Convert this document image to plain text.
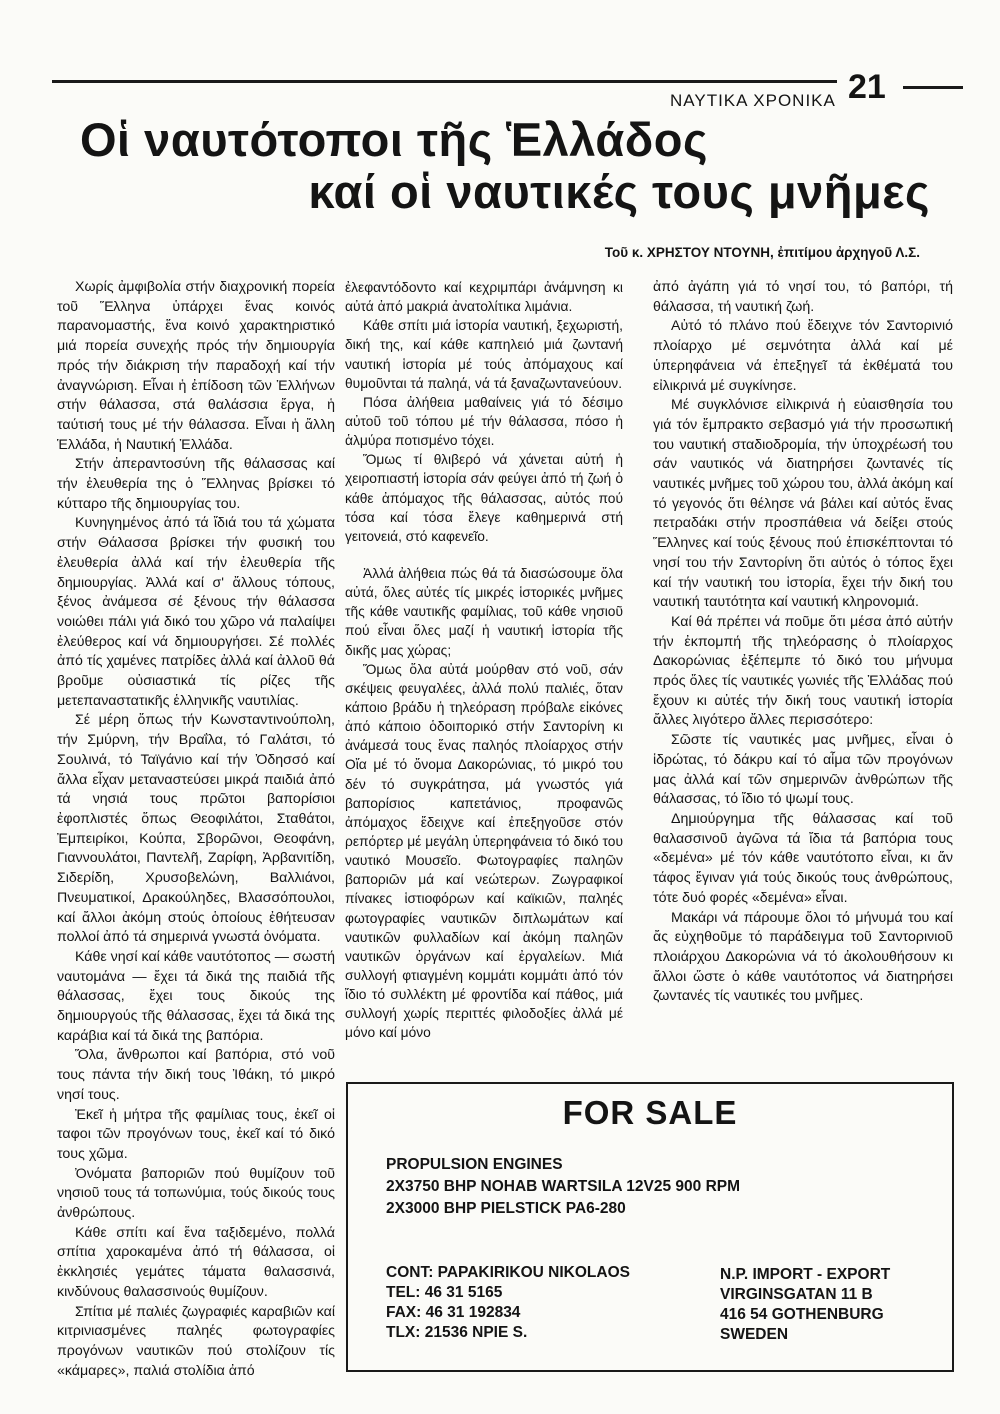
ΝΑΥΤΙΚΑ ΧΡΟΝΙΚΑ 21
Οἱ ναυτότοποι τῆς Ἑλλάδος
καί οἱ ναυτικές τους μνῆμες
Τοῦ κ. ΧΡΗΣΤΟΥ ΝΤΟΥΝΗ, ἐπιτίμου ἀρχηγοῦ Λ.Σ.

Χωρίς ἀμφιβολία στήν διαχρονική πορεία τοῦ Ἕλληνα ὑπάρχει ἕνας κοινός παρανομαστής, ἕνα κοινό χαρακτηριστικό μιά πορεία συνεχής πρός τήν δημιουργία πρός τήν διάκριση τήν παραδοχή καί τήν ἀναγνώριση. Εἶναι ἡ ἐπίδοση τῶν Ἑλλήνων στήν θάλασσα, στά θαλάσσια ἔργα, ἡ ταύτισή τους μέ τήν θάλασσα. Εἶναι ἡ ἄλλη Ἑλλάδα, ἡ Ναυτική Ἑλλάδα.

Στήν ἀπεραντοσύνη τῆς θάλασσας καί τήν ἐλευθερία της ὁ Ἕλληνας βρίσκει τό κύτταρο τῆς δημιουργίας του.

Κυνηγημένος ἀπό τά ἴδιά του τά χώματα στήν Θάλασσα βρίσκει τήν φυσική του ἐλευθερία ἀλλά καί τήν ἐλευθερία τῆς δημιουργίας. Ἀλλά καί σ' ἄλλους τόπους, ξένος ἀνάμεσα σέ ξένους τήν θάλασσα νοιώθει πάλι γιά δικό του χῶρο νά παλαίψει ἐλεύθερος καί νά δημιουργήσει. Σέ πολλές ἀπό τίς χαμένες πατρίδες ἀλλά καί ἀλλοῦ θά βροῦμε οὐσιαστικά τίς ρίζες τῆς μετεπαναστατικῆς ἑλληνικῆς ναυτιλίας.

Σέ μέρη ὅπως τήν Κωνσταντινούπολη, τήν Σμύρνη, τήν Βραΐλα, τό Γαλάτσι, τό Σουλινά, τό Ταϊγάνιο καί τήν Ὀδησσό καί ἄλλα εἶχαν μεταναστεύσει μικρά παιδιά ἀπό τά νησιά τους πρῶτοι βαπορίσιοι ἐφοπλιστές ὅπως Θεοφιλάτοι, Σταθάτοι, Ἐμπειρίκοι, Κούπα, Σβορῶνοι, Θεοφάνη, Γιαννουλάτοι, Παντελῆ, Ζαρίφη, Ἀρβανιτίδη, Σιδερίδη, Χρυσοβελώνη, Βαλλιάνοι, Πνευματικοί, Δρακούληδες, Βλασσόπουλοι, καί ἄλλοι ἀκόμη στούς ὁποίους ἐθήτευσαν πολλοί ἀπό τά σημερινά γνωστά ὀνόματα.

Κάθε νησί καί κάθε ναυτότοπος — σωστή ναυτομάνα — ἔχει τά δικά της παιδιά τῆς θάλασσας, ἔχει τους δικούς της δημιουργούς τῆς θάλασσας, ἔχει τά δικά της καράβια καί τά δικά της βαπόρια.

Ὅλα, ἄνθρωποι καί βαπόρια, στό νοῦ τους πάντα τήν δική τους Ἰθάκη, τό μικρό νησί τους.

Ἐκεῖ ἡ μήτρα τῆς φαμίλιας τους, ἐκεῖ οἱ ταφοι τῶν προγόνων τους, ἐκεῖ καί τό δικό τους χῶμα.

Ὀνόματα βαποριῶν πού θυμίζουν τοῦ νησιοῦ τους τά τοπωνύμια, τούς δικούς τους ἀνθρώπους.

Κάθε σπίτι καί ἕνα ταξιδεμένο, πολλά σπίτια χαροκαμένα ἀπό τή θάλασσα, οἱ ἐκκλησιές γεμάτες τάματα θαλασσινά, κινδύνους θαλασσινούς θυμίζουν.

Σπίτια μέ παλιές ζωγραφιές καραβιῶν καί κιτρινιασμένες παληές φωτογραφίες προγόνων ναυτικῶν πού στολίζουν τίς «κάμαρες», παλιά στολίδια ἀπό

ἐλεφαντόδοντο καί κεχριμπάρι ἀνάμνηση κι αὐτά ἀπό μακριά ἀνατολίτικα λιμάνια.

Κάθε σπίτι μιά ἱστορία ναυτική, ξεχωριστή, δική της, καί κάθε καπηλειό μιά ζωντανή ναυτική ἱστορία μέ τούς ἀπόμαχους καί θυμοῦνται τά παληά, νά τά ξαναζωντανεύουν.

Πόσα ἀλήθεια μαθαίνεις γιά τό δέσιμο αὐτοῦ τοῦ τόπου μέ τήν θάλασσα, πόσο ἡ ἁλμύρα ποτισμένο τόχει.

Ὅμως τί θλιβερό νά χάνεται αὐτή ἡ χειροπιαστή ἱστορία σάν φεύγει ἀπό τή ζωή ὁ κάθε ἀπόμαχος τῆς θάλασσας, αὐτός πού τόσα καί τόσα ἔλεγε καθημερινά στή γειτονειά, στό καφενεῖο.

Ἀλλά ἀλήθεια πώς θά τά διασώσουμε ὅλα αὐτά, ὅλες αὐτές τίς μικρές ἱστορικές μνῆμες τῆς κάθε ναυτικῆς φαμίλιας, τοῦ κάθε νησιοῦ πού εἶναι ὅλες μαζί ἡ ναυτική ἱστορία τῆς δικῆς μας χώρας;

Ὅμως ὅλα αὐτά μούρθαν στό νοῦ, σάν σκέψεις φευγαλέες, ἀλλά πολύ παλιές, ὅταν κάποιο βράδυ ἡ τηλεόραση πρόβαλε εἰκόνες ἀπό κάποιο ὁδοιπορικό στήν Σαντορίνη κι ἀνάμεσά τους ἕνας παληός πλοίαρχος στήν Οἴα μέ τό ὄνομα Δακορώνιας, τό μικρό του δέν τό συγκράτησα, μά γνωστός γιά βαπορίσιος καπετάνιος, προφανῶς ἀπόμαχος ἔδειχνε καί ἐπεξηγοῦσε στόν ρεπόρτερ μέ μεγάλη ὑπερηφάνεια τό δικό του ναυτικό Μουσεῖο. Φωτογραφίες παληῶν βαποριῶν μά καί νεώτερων. Ζωγραφικοί πίνακες ἱστιοφόρων καί καϊκιῶν, παληές φωτογραφίες ναυτικῶν διπλωμάτων καί ναυτικῶν φυλλαδίων καί ἀκόμη παληῶν ναυτικῶν ὀργάνων καί ἐργαλείων. Μιά συλλογή φτιαγμένη κομμάτι κομμάτι ἀπό τόν ἴδιο τό συλλέκτη μέ φροντίδα καί πάθος, μιά συλλογή χωρίς περιττές φιλοδοξίες ἀλλά μέ μόνο καί μόνο

ἀπό ἀγάπη γιά τό νησί του, τό βαπόρι, τή θάλασσα, τή ναυτική ζωή.

Αὐτό τό πλάνο πού ἔδειχνε τόν Σαντορινιό πλοίαρχο μέ σεμνότητα ἀλλά καί μέ ὑπερηφάνεια νά ἐπεξηγεῖ τά ἐκθέματά του εἰλικρινά μέ συγκίνησε.

Μέ συγκλόνισε εἰλικρινά ἡ εὐαισθησία του γιά τόν ἔμπρακτο σεβασμό γιά τήν προσωπική του ναυτική σταδιοδρομία, τήν ὑποχρέωσή του σάν ναυτικός νά διατηρήσει ζωντανές τίς ναυτικές μνῆμες τοῦ χώρου του, ἀλλά ἀκόμη καί τό γεγονός ὅτι θέλησε νά βάλει καί αὐτός ἕνας πετραδάκι στήν προσπάθεια νά δείξει στούς Ἕλληνες καί τούς ξένους πού ἐπισκέπτονται τό νησί του τήν Σαντορίνη ὅτι αὐτός ὁ τόπος ἔχει καί τήν ναυτική του ἱστορία, ἔχει τήν δική του ναυτική ταυτότητα καί ναυτική κληρονομιά.

Καί θά πρέπει νά ποῦμε ὅτι μέσα ἀπό αὐτήν τήν ἐκπομπή τῆς τηλεόρασης ὁ πλοίαρχος Δακορώνιας ἐξέπεμπε τό δικό του μήνυμα πρός ὅλες τίς ναυτικές γωνιές τῆς Ἑλλάδας πού ἔχουν κι αὐτές τήν δική τους ναυτική ἱστορία ἄλλες λιγότερο ἄλλες περισσότερο:

Σῶστε τίς ναυτικές μας μνῆμες, εἶναι ὁ ἱδρώτας, τό δάκρυ καί τό αἷμα τῶν προγόνων μας ἀλλά καί τῶν σημερινῶν ἀνθρώπων τῆς θάλασσας, τό ἴδιο τό ψωμί τους.

Δημιούργημα τῆς θάλασσας καί τοῦ θαλασσινοῦ ἀγῶνα τά ἴδια τά βαπόρια τους «δεμένα» μέ τόν κάθε ναυτότοπο εἶναι, κι ἄν τάφος ἔγιναν γιά τούς δικούς τους ἀνθρώπους, τότε δυό φορές «δεμένα» εἶναι.

Μακάρι νά πάρουμε ὅλοι τό μήνυμά του καί ἄς εὐχηθοῦμε τό παράδειγμα τοῦ Σαντορινιοῦ πλοιάρχου Δακορώνια νά τό ἀκολουθήσουν κι ἄλλοι ὥστε ὁ κάθε ναυτότοπος νά διατηρήσει ζωντανές τίς ναυτικές του μνῆμες.

FOR SALE
PROPULSION ENGINES
2X3750 BHP NOHAB WARTSILA 12V25 900 RPM
2X3000 BHP PIELSTICK PA6-280
CONT: PAPAKIRIKOU NIKOLAOS
TEL: 46 31 5165
FAX: 46 31 192834
TLX: 21536 NPIE S.
N.P. IMPORT - EXPORT
VIRGINSGATAN 11 B
416 54 GOTHENBURG
SWEDEN
